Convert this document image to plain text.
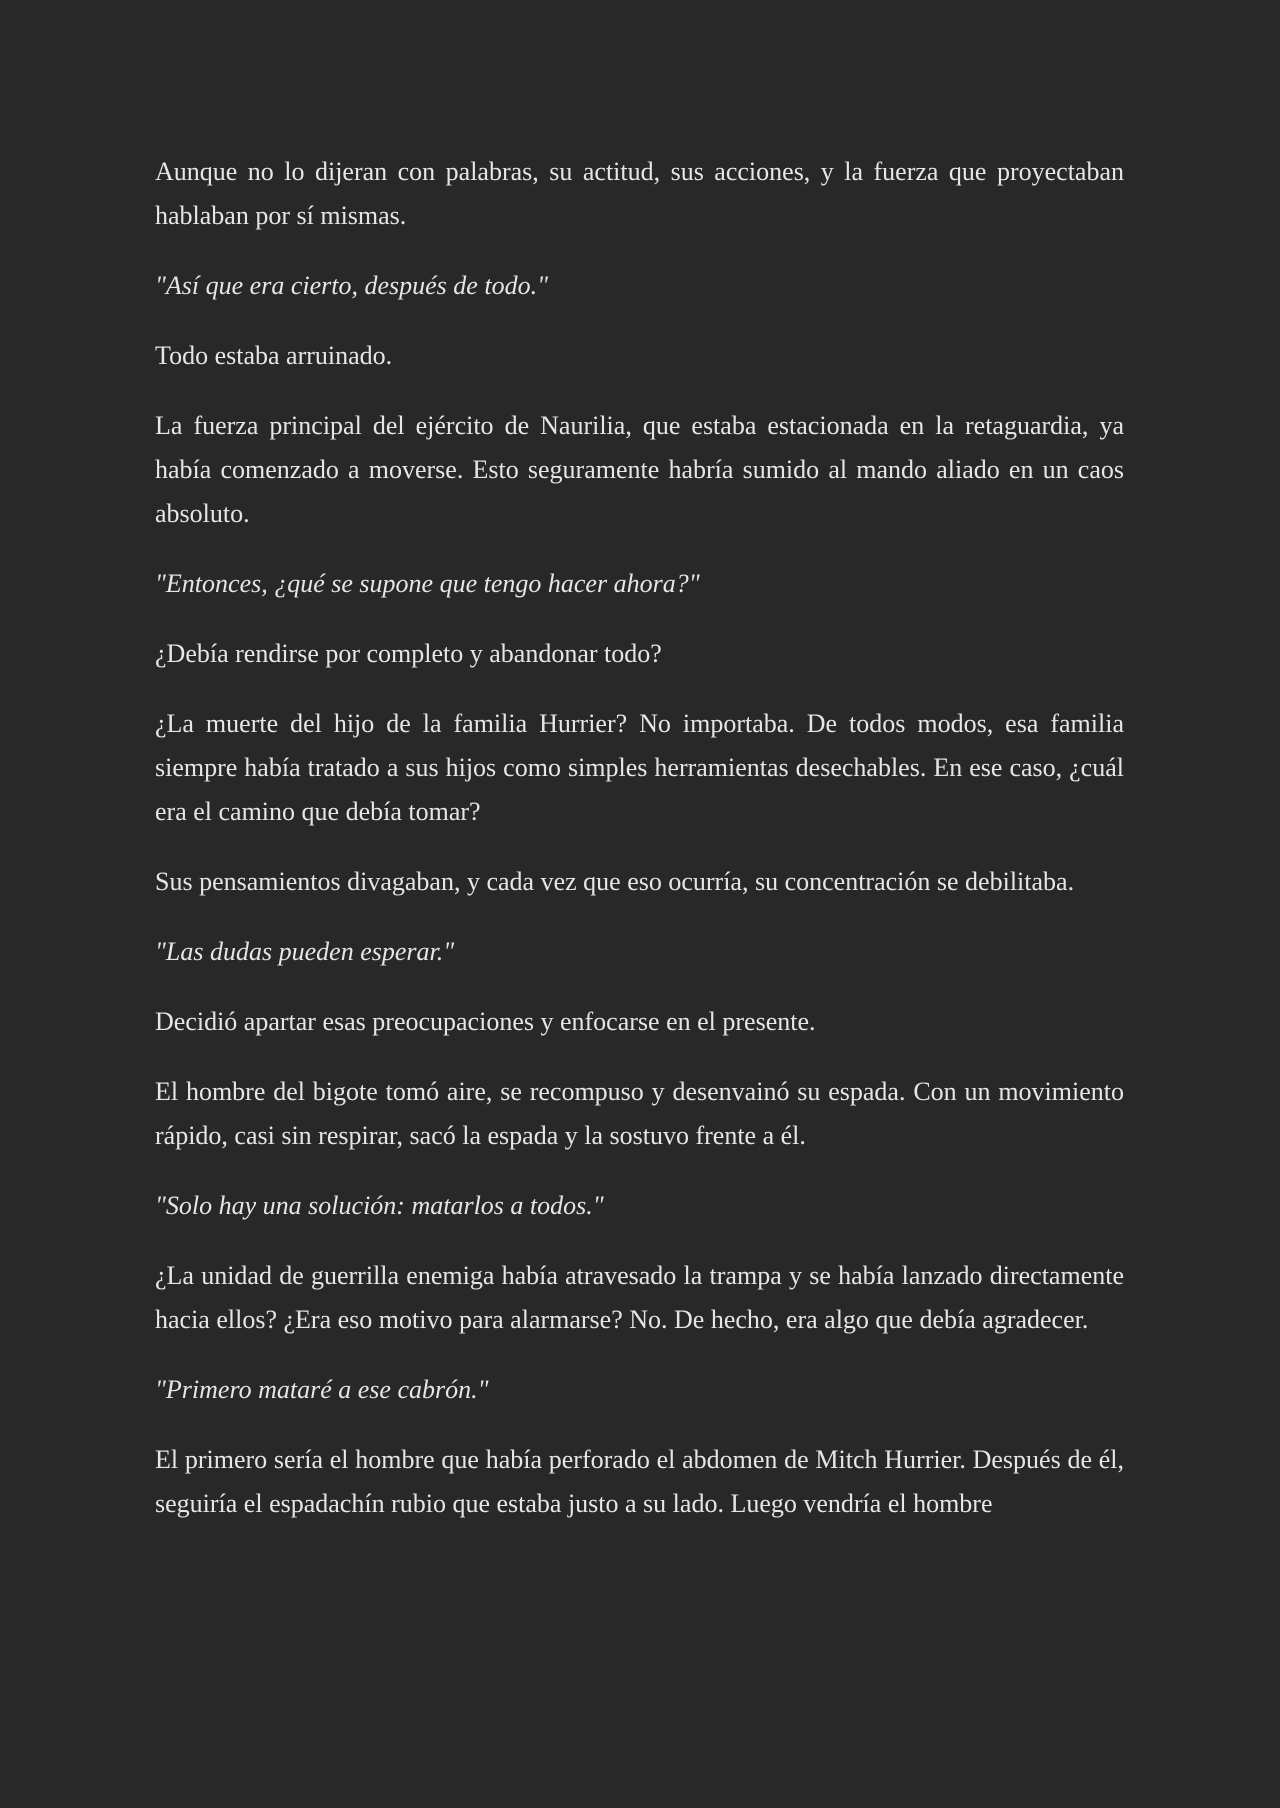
Aunque no lo dijeran con palabras, su actitud, sus acciones, y la fuerza que proyectaban hablaban por sí mismas.

"Así que era cierto, después de todo."

Todo estaba arruinado.

La fuerza principal del ejército de Naurilia, que estaba estacionada en la retaguardia, ya había comenzado a moverse. Esto seguramente habría sumido al mando aliado en un caos absoluto.

"Entonces, ¿qué se supone que tengo hacer ahora?"

¿Debía rendirse por completo y abandonar todo?

¿La muerte del hijo de la familia Hurrier? No importaba. De todos modos, esa familia siempre había tratado a sus hijos como simples herramientas desechables. En ese caso, ¿cuál era el camino que debía tomar?

Sus pensamientos divagaban, y cada vez que eso ocurría, su concentración se debilitaba.

"Las dudas pueden esperar."

Decidió apartar esas preocupaciones y enfocarse en el presente.

El hombre del bigote tomó aire, se recompuso y desenvainó su espada. Con un movimiento rápido, casi sin respirar, sacó la espada y la sostuvo frente a él.

"Solo hay una solución: matarlos a todos."

¿La unidad de guerrilla enemiga había atravesado la trampa y se había lanzado directamente hacia ellos? ¿Era eso motivo para alarmarse? No. De hecho, era algo que debía agradecer.

"Primero mataré a ese cabrón."

El primero sería el hombre que había perforado el abdomen de Mitch Hurrier. Después de él, seguiría el espadachín rubio que estaba justo a su lado. Luego vendría el hombre
